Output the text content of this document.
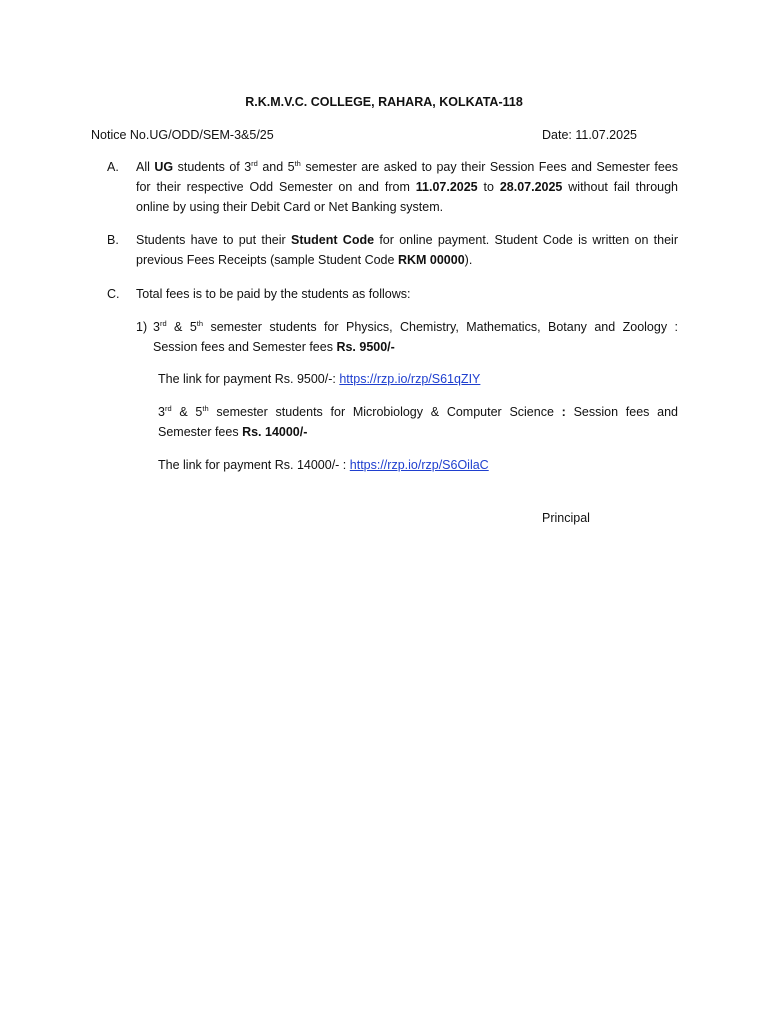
R.K.M.V.C. COLLEGE, RAHARA, KOLKATA-118
Notice No.UG/ODD/SEM-3&5/25	Date: 11.07.2025
A.	All UG students of 3rd and 5th semester are asked to pay their Session Fees and Semester fees for their respective Odd Semester on and from 11.07.2025 to 28.07.2025 without fail through online by using their Debit Card or Net Banking system.
B.	Students have to put their Student Code for online payment. Student Code is written on their previous Fees Receipts (sample Student Code RKM 00000).
C.	Total fees is to be paid by the students as follows:
1) 3rd & 5th semester students for Physics, Chemistry, Mathematics, Botany and Zoology : Session fees and Semester fees Rs. 9500/-
The link for payment Rs. 9500/-: https://rzp.io/rzp/S61qZIY
3rd & 5th semester students for Microbiology & Computer Science : Session fees and Semester fees Rs. 14000/-
The link for payment Rs. 14000/- : https://rzp.io/rzp/S6OilaC
Principal
